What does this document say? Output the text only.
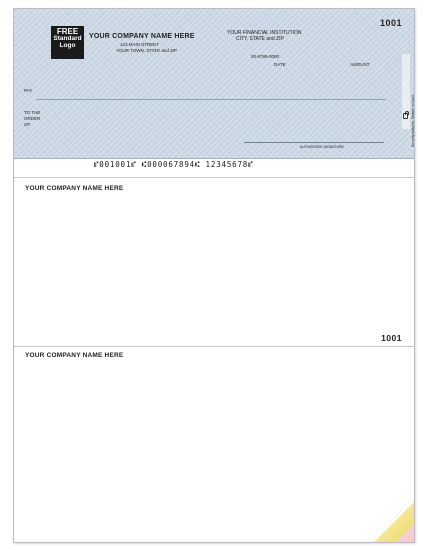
1001
FREE
Standard
Logo
YOUR COMPANY NAME HERE
123 MAIN STREET
YOUR TOWN, STATE and ZIP
YOUR FINANCIAL INSTITUTION
CITY, STATE and ZIP
00-6789-0000
DATE	AMOUNT
PAY
TO THE
ORDER
OF
AUTHORIZED SIGNATURE	Security features. Details on back.
⑈001001⑈ ⑆000067894⑆ 12345678⑈
YOUR COMPANY NAME HERE
1001
YOUR COMPANY NAME HERE
